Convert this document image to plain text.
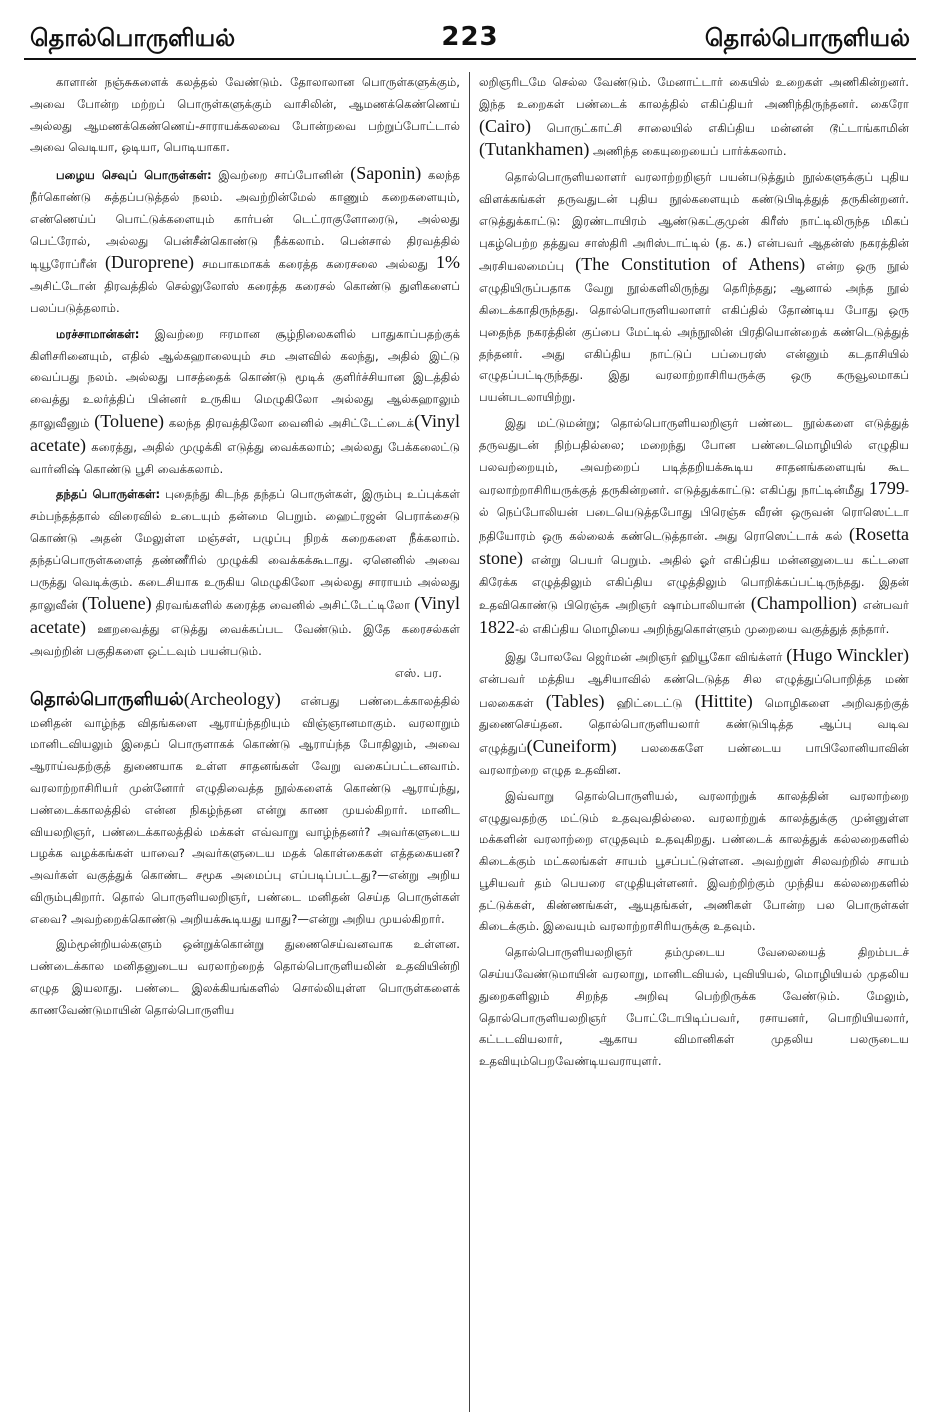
தொல்பொருளியல்	223	தொல்பொருளியல்

காளான் நஞ்சுகளைக் கலத்தல் வேண்டும். தோலாலான பொருள்களுக்கும், அவை போன்ற மற்றப் பொருள்களுக்கும் வாசிலின், ஆமணக்கெண்ணெய் அல்லது ஆமணக்கெண்ணெய்-சாராயக்கலவை போன்றவை பற்றுப்போட்டால் அவை வெடியா, ஒடியா, பொடியாகா.

பழைய செவுப் பொருள்கள்: இவற்றை சாப்போனின் (Saponin) கலந்த நீர்கொண்டு சுத்தப்படுத்தல் நலம். அவற்றின்மேல் காணும் கறைகளையும், எண்ணெய்ப் பொட்டுக்களையும் கார்பன் டெட்ராகுளோரைடு, அல்லது பெட்ரோல், அல்லது பென்சீன்கொண்டு நீக்கலாம். பென்சால் திரவத்தில் டியூரோப்ரீன் (Duroprene) சமபாகமாகக் கரைத்த கரைசலை அல்லது 1% அசிட்டோன் திரவத்தில் செல்லுலோஸ் கரைத்த கரைசல் கொண்டு துளிகளைப் பலப்படுத்தலாம்.

மரச்சாமான்கள்: இவற்றை ஈரமான சூழ்நிலைகளில் பாதுகாப்பதற்குக் கிளிசரினையும், எதில் ஆல்கஹாலையும் சம அளவில் கலந்து, அதில் இட்டு வைப்பது நலம். அல்லது பாசத்தைக் கொண்டு மூடிக் குளிர்ச்சியான இடத்தில் வைத்து உலர்த்திப் பின்னர் உருகிய மெழுகிலோ அல்லது ஆல்கஹாலும் தாலுவீனும் (Toluene) கலந்த திரவத்திலோ வைனில் அசிட்டேட்டைக்(Vinyl acetate) கரைத்து, அதில் முழுக்கி எடுத்து வைக்கலாம்; அல்லது பேக்கலைட்டு வார்னிஷ் கொண்டு பூசி வைக்கலாம்.

தந்தப் பொருள்கள்: புதைந்து கிடந்த தந்தப் பொருள்கள், இரும்பு உப்புக்கள் சம்பந்தத்தால் விரைவில் உடையும் தன்மை பெறும். ஹைட்ரஜன் பெராக்சைடு கொண்டு அதன் மேலுள்ள மஞ்சள், பழுப்பு நிறக் கறைகளை நீக்கலாம். தந்தப்பொருள்களைத் தண்ணீரில் முழுக்கி வைக்கக்கூடாது. ஏனெனில் அவை பருத்து வெடிக்கும். கடைசியாக உருகிய மெழுகிலோ அல்லது சாராயம் அல்லது தாலுவீன் (Toluene) திரவங்களில் கரைத்த வைனில் அசிட்டேட்டிலோ (Vinyl acetate) ஊறவைத்து எடுத்து வைக்கப்பட வேண்டும். இதே கரைசல்கள் அவற்றின் பகுதிகளை ஒட்டவும் பயன்படும்.

எஸ். பர.

தொல்பொருளியல்(Archeology) என்பது பண்டைக்காலத்தில் மனிதன் வாழ்ந்த விதங்களை ஆராய்ந்தறியும் விஞ்ஞானமாகும். வரலாறும் மானிடவியலும் இதைப் பொருளாகக் கொண்டு ஆராய்ந்த போதிலும், அவை ஆராய்வதற்குத் துணையாக உள்ள சாதனங்கள் வேறு வகைப்பட்டனவாம். வரலாற்றாசிரியர் முன்னோர் எழுதிவைத்த நூல்களைக் கொண்டு ஆராய்ந்து, பண்டைக்காலத்தில் என்ன நிகழ்ந்தன என்று காண முயல்கிறார். மானிட வியலறிஞர், பண்டைக்காலத்தில் மக்கள் எவ்வாறு வாழ்ந்தனர்? அவர்களுடைய பழக்க வழக்கங்கள் யாவை? அவர்களுடைய மதக் கொள்கைகள் எத்தகையன? அவர்கள் வகுத்துக் கொண்ட சமூக அமைப்பு எப்படிப்பட்டது?—என்று அறிய விரும்புகிறார். தொல் பொருளியலறிஞர், பண்டை மனிதன் செய்த பொருள்கள் எவை? அவற்றைக்கொண்டு அறியக்கூடியது யாது?—என்று அறிய முயல்கிறார்.

இம்மூன்றியல்களும் ஒன்றுக்கொன்று துணைசெய்வனவாக உள்ளன. பண்டைக்கால மனிதனுடைய வரலாற்றைத் தொல்பொருளியலின் உதவியின்றி எழுத இயலாது. பண்டை இலக்கியங்களில் சொல்லியுள்ள பொருள்களைக் காணவேண்டுமாயின் தொல்பொருளிய

லறிஞரிடமே செல்ல வேண்டும். மேனாட்டார் கையில் உறைகள் அணிகின்றனர். இந்த உறைகள் பண்டைக் காலத்தில் எகிப்தியர் அணிந்திருந்தனர். கைரோ (Cairo) பொருட்காட்சி சாலையில் எகிப்திய மன்னன் டூட்டாங்காமின் (Tutankhamen) அணிந்த கையுறையைப் பார்க்கலாம்.

தொல்பொருளியலாளர் வரலாற்றறிஞர் பயன்படுத்தும் நூல்களுக்குப் புதிய விளக்கங்கள் தருவதுடன் புதிய நூல்களையும் கண்டுபிடித்துத் தருகின்றனர். எடுத்துக்காட்டு: இரண்டாயிரம் ஆண்டுகட்குமுன் கிரீஸ் நாட்டிலிருந்த மிகப் புகழ்பெற்ற தத்துவ சாஸ்திரி அரிஸ்டாட்டில் (த. க.) என்பவர் ஆதன்ஸ் நகரத்தின் அரசியலமைப்பு (The Constitution of Athens) என்ற ஒரு நூல் எழுதியிருப்பதாக வேறு நூல்களிலிருந்து தெரிந்தது; ஆனால் அந்த நூல் கிடைக்காதிருந்தது. தொல்பொருளியலாளர் எகிப்தில் தோண்டிய போது ஒரு புதைந்த நகரத்தின் குப்பை மேட்டில் அந்நூலின் பிரதியொன்றைக் கண்டெடுத்துத் தந்தனர். அது எகிப்திய நாட்டுப் பப்பைரஸ் என்னும் கடதாசியில் எழுதப்பட்டிருந்தது. இது வரலாற்றாசிரியருக்கு ஒரு கருவூலமாகப் பயன்படலாயிற்று.

இது மட்டுமன்று; தொல்பொருளியலறிஞர் பண்டை நூல்களை எடுத்துத் தருவதுடன் நிற்பதில்லை; மறைந்து போன பண்டைமொழியில் எழுதிய பலவற்றையும், அவற்றைப் படித்தறியக்கூடிய சாதனங்களையுங் கூட வரலாற்றாசிரியருக்குத் தருகின்றனர். எடுத்துக்காட்டு: எகிப்து நாட்டின்மீது 1799-ல் நெப்போலியன் படையெடுத்தபோது பிரெஞ்சு வீரன் ஒருவன் ரொஸெட்டா நதியோரம் ஒரு கல்லைக் கண்டெடுத்தான். அது ரொஸெட்டாக் கல் (Rosetta stone) என்று பெயர் பெறும். அதில் ஓர் எகிப்திய மன்னனுடைய கட்டளை கிரேக்க எழுத்திலும் எகிப்திய எழுத்திலும் பொறிக்கப்பட்டிருந்தது. இதன் உதவிகொண்டு பிரெஞ்சு அறிஞர் ஷாம்பாலியான் (Champollion) என்பவர் 1822-ல் எகிப்திய மொழியை அறிந்துகொள்ளும் முறையை வகுத்துத் தந்தார்.

இது போலவே ஜெர்மன் அறிஞர் ஹியூகோ விங்க்ளர் (Hugo Winckler) என்பவர் மத்திய ஆசியாவில் கண்டெடுத்த சில எழுத்துப்பொறித்த மண் பலகைகள் (Tables) ஹிட்டைட்டு (Hittite) மொழிகளை அறிவதற்குத் துணைசெய்தன. தொல்பொருளியலார் கண்டுபிடித்த ஆப்பு வடிவ எழுத்துப்(Cuneiform) பலகைகளே பண்டைய பாபிலோனியாவின் வரலாற்றை எழுத உதவின.

இவ்வாறு தொல்பொருளியல், வரலாற்றுக் காலத்தின் வரலாற்றை எழுதுவதற்கு மட்டும் உதவுவதில்லை. வரலாற்றுக் காலத்துக்கு முன்னுள்ள மக்களின் வரலாற்றை எழுதவும் உதவுகிறது. பண்டைக் காலத்துக் கல்லறைகளில் கிடைக்கும் மட்கலங்கள் சாயம் பூசப்பட்டுள்ளன. அவற்றுள் சிலவற்றில் சாயம் பூசியவர் தம் பெயரை எழுதியுள்ளனர். இவற்றிற்கும் முந்திய கல்லறைகளில் தட்டுக்கள், கிண்ணங்கள், ஆயுதங்கள், அணிகள் போன்ற பல பொருள்கள் கிடைக்கும். இவையும் வரலாற்றாசிரியருக்கு உதவும்.

தொல்பொருளியலறிஞர் தம்முடைய வேலையைத் திறம்படச் செய்யவேண்டுமாயின் வரலாறு, மானிடவியல், புவியியல், மொழியியல் முதலிய துறைகளிலும் சிறந்த அறிவு பெற்றிருக்க வேண்டும். மேலும், தொல்பொருளியலறிஞர் போட்டோபிடிப்பவர், ரசாயனர், பொறியியலார், கட்டடவியலார், ஆகாய விமானிகள் முதலிய பலருடைய உதவியும்பெறவேண்டியவராயுளர்.
